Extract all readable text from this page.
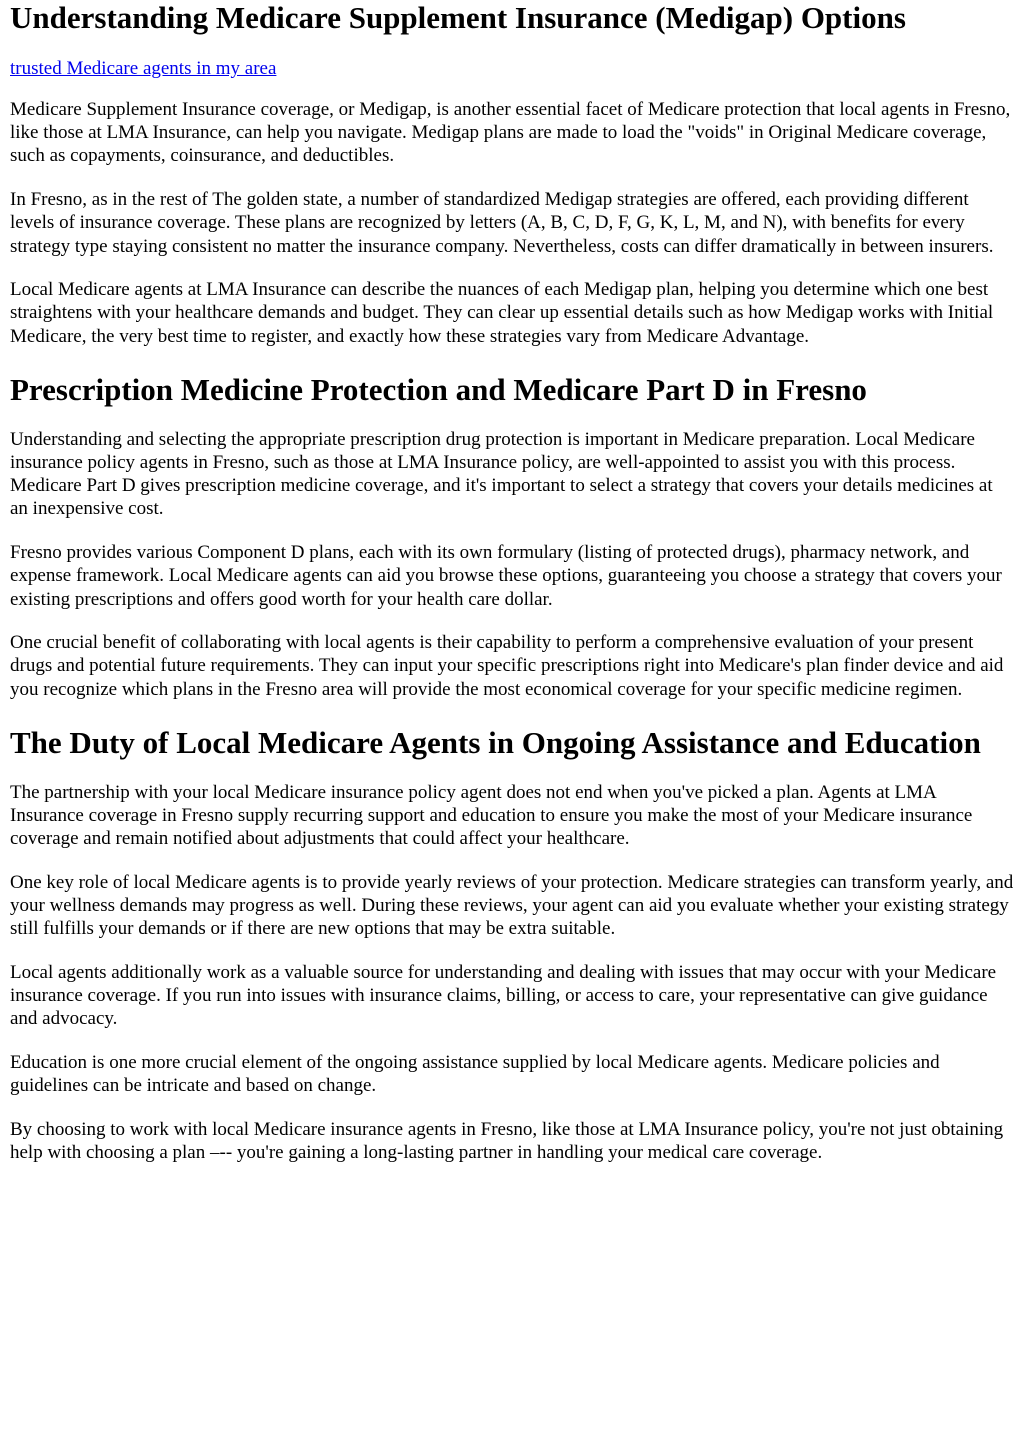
Understanding Medicare Supplement Insurance (Medigap) Options
trusted Medicare agents in my area

Medicare Supplement Insurance coverage, or Medigap, is another essential facet of Medicare protection that local agents in Fresno, like those at LMA Insurance, can help you navigate. Medigap plans are made to load the "voids" in Original Medicare coverage, such as copayments, coinsurance, and deductibles.

In Fresno, as in the rest of The golden state, a number of standardized Medigap strategies are offered, each providing different levels of insurance coverage. These plans are recognized by letters (A, B, C, D, F, G, K, L, M, and N), with benefits for every strategy type staying consistent no matter the insurance company. Nevertheless, costs can differ dramatically in between insurers.

Local Medicare agents at LMA Insurance can describe the nuances of each Medigap plan, helping you determine which one best straightens with your healthcare demands and budget. They can clear up essential details such as how Medigap works with Initial Medicare, the very best time to register, and exactly how these strategies vary from Medicare Advantage.

Prescription Medicine Protection and Medicare Part D in Fresno

Understanding and selecting the appropriate prescription drug protection is important in Medicare preparation. Local Medicare insurance policy agents in Fresno, such as those at LMA Insurance policy, are well-appointed to assist you with this process. Medicare Part D gives prescription medicine coverage, and it's important to select a strategy that covers your details medicines at an inexpensive cost.

Fresno provides various Component D plans, each with its own formulary (listing of protected drugs), pharmacy network, and expense framework. Local Medicare agents can aid you browse these options, guaranteeing you choose a strategy that covers your existing prescriptions and offers good worth for your health care dollar.

One crucial benefit of collaborating with local agents is their capability to perform a comprehensive evaluation of your present drugs and potential future requirements. They can input your specific prescriptions right into Medicare's plan finder device and aid you recognize which plans in the Fresno area will provide the most economical coverage for your specific medicine regimen.

The Duty of Local Medicare Agents in Ongoing Assistance and Education

The partnership with your local Medicare insurance policy agent does not end when you've picked a plan. Agents at LMA Insurance coverage in Fresno supply recurring support and education to ensure you make the most of your Medicare insurance coverage and remain notified about adjustments that could affect your healthcare.

One key role of local Medicare agents is to provide yearly reviews of your protection. Medicare strategies can transform yearly, and your wellness demands may progress as well. During these reviews, your agent can aid you evaluate whether your existing strategy still fulfills your demands or if there are new options that may be extra suitable.

Local agents additionally work as a valuable source for understanding and dealing with issues that may occur with your Medicare insurance coverage. If you run into issues with insurance claims, billing, or access to care, your representative can give guidance and advocacy.

Education is one more crucial element of the ongoing assistance supplied by local Medicare agents. Medicare policies and guidelines can be intricate and based on change.

By choosing to work with local Medicare insurance agents in Fresno, like those at LMA Insurance policy, you're not just obtaining help with choosing a plan –-- you're gaining a long-lasting partner in handling your medical care coverage.
